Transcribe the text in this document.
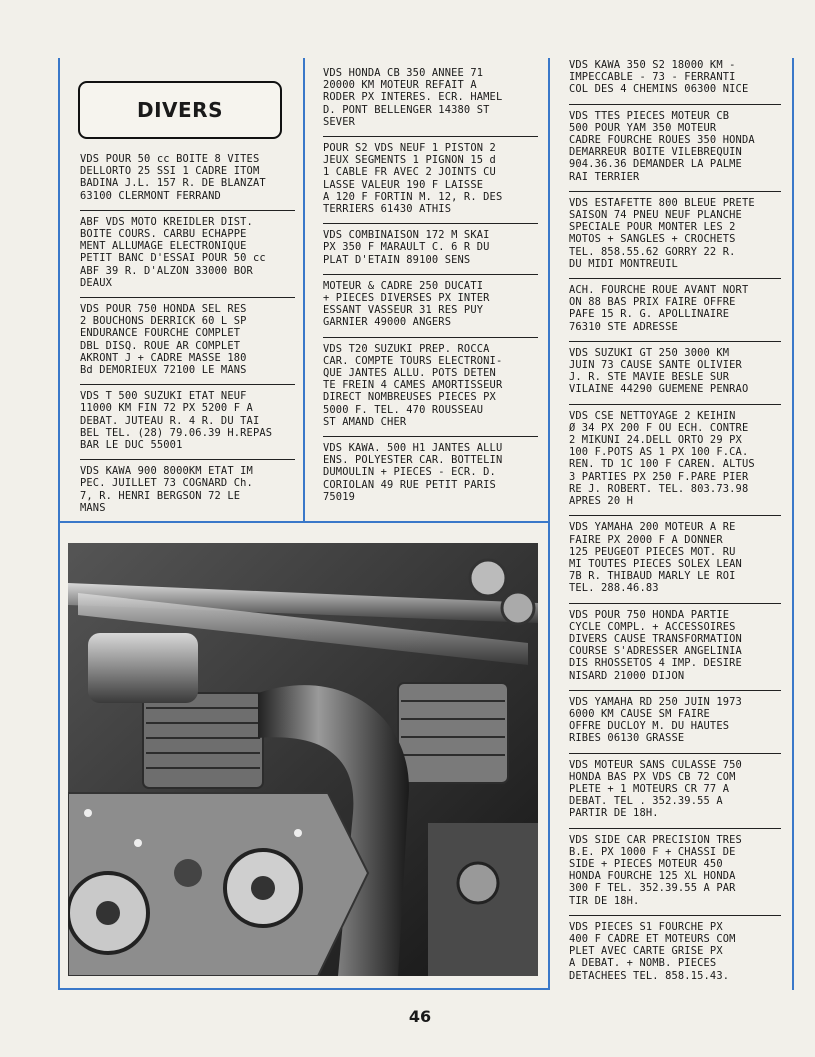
DIVERS

VDS POUR 50 cc BOITE 8 VITES
DELLORTO 25 SSI 1 CADRE ITOM
BADINA J.L. 157 R. DE BLANZAT
63100 CLERMONT FERRAND

ABF VDS MOTO KREIDLER DIST.
BOITE COURS. CARBU ECHAPPE
MENT ALLUMAGE ELECTRONIQUE
PETIT BANC D'ESSAI POUR 50 cc
ABF 39 R. D'ALZON 33000 BOR
DEAUX

VDS POUR 750 HONDA SEL RES
2 BOUCHONS DERRICK 60 L SP
ENDURANCE FOURCHE COMPLET
DBL DISQ. ROUE AR COMPLET
AKRONT J + CADRE MASSE 180
Bd DEMORIEUX 72100 LE MANS

VDS T 500 SUZUKI ETAT NEUF
11000 KM FIN 72 PX 5200 F A
DEBAT. JUTEAU R. 4 R. DU TAI
BEL TEL. (28) 79.06.39 H.REPAS
BAR LE DUC 55001

VDS KAWA 900 8000KM ETAT IM
PEC. JUILLET 73 COGNARD Ch.
7, R. HENRI BERGSON 72 LE
MANS

VDS HONDA CB 350 ANNEE 71
20000 KM MOTEUR REFAIT A
RODER PX INTERES. ECR. HAMEL
D. PONT BELLENGER 14380 ST
SEVER

POUR S2 VDS NEUF 1 PISTON 2
JEUX SEGMENTS 1 PIGNON 15 d
1 CABLE FR AVEC 2 JOINTS CU
LASSE VALEUR 190 F LAISSE
A 120 F FORTIN M. 12, R. DES
TERRIERS 61430 ATHIS

VDS COMBINAISON 172 M SKAI
PX 350 F MARAULT C. 6 R DU
PLAT D'ETAIN 89100 SENS

MOTEUR & CADRE 250 DUCATI
+ PIECES DIVERSES PX INTER
ESSANT VASSEUR 31 RES PUY
GARNIER 49000 ANGERS

VDS T20 SUZUKI PREP. ROCCA
CAR. COMPTE TOURS ELECTRONI-
QUE JANTES ALLU. POTS DETEN
TE FREIN 4 CAMES AMORTISSEUR
DIRECT NOMBREUSES PIECES PX
5000 F. TEL. 470 ROUSSEAU
ST AMAND CHER

VDS KAWA. 500 H1 JANTES ALLU
ENS. POLYESTER CAR. BOTTELIN
DUMOULIN + PIECES - ECR. D.
CORIOLAN 49 RUE PETIT PARIS
75019

VDS KAWA 350 S2 18000 KM -
IMPECCABLE - 73 - FERRANTI
COL DES 4 CHEMINS 06300 NICE

VDS TTES PIECES MOTEUR CB
500 POUR YAM 350 MOTEUR
CADRE FOURCHE ROUES 350 HONDA
DEMARREUR BOITE VILEBREQUIN
904.36.36 DEMANDER LA PALME
RAI TERRIER

VDS ESTAFETTE 800 BLEUE PRETE
SAISON 74 PNEU NEUF PLANCHE
SPECIALE POUR MONTER LES 2
MOTOS + SANGLES + CROCHETS
TEL. 858.55.62 GORRY 22 R.
DU MIDI MONTREUIL

ACH. FOURCHE ROUE AVANT NORT
ON 88 BAS PRIX FAIRE OFFRE
PAFE 15 R. G. APOLLINAIRE
76310 STE ADRESSE

VDS SUZUKI GT 250 3000 KM
JUIN 73 CAUSE SANTE OLIVIER
J. R. STE MAVIE BESLE SUR
VILAINE 44290 GUEMENE PENRAO

VDS CSE NETTOYAGE 2 KEIHIN
Ø 34 PX 200 F OU ECH. CONTRE
2 MIKUNI 24.DELL ORTO 29 PX
100 F.POTS AS 1 PX 100 F.CA.
REN. TD 1C 100 F CAREN. ALTUS
3 PARTIES PX 250 F.PARE PIER
RE J. ROBERT. TEL. 803.73.98
APRES 20 H

VDS YAMAHA 200 MOTEUR A RE
FAIRE PX 2000 F A DONNER
125 PEUGEOT PIECES MOT. RU
MI TOUTES PIECES SOLEX LEAN
7B R. THIBAUD MARLY LE ROI
TEL. 288.46.83

VDS POUR 750 HONDA PARTIE
CYCLE COMPL. + ACCESSOIRES
DIVERS CAUSE TRANSFORMATION
COURSE S'ADRESSER ANGELINIA
DIS RHOSSETOS 4 IMP. DESIRE
NISARD 21000 DIJON

VDS YAMAHA RD 250 JUIN 1973
6000 KM CAUSE SM FAIRE
OFFRE DUCLOY M. DU HAUTES
RIBES 06130 GRASSE

VDS MOTEUR SANS CULASSE 750
HONDA BAS PX VDS CB 72 COM
PLETE + 1 MOTEURS CR 77 A
DEBAT. TEL . 352.39.55 A
PARTIR DE 18H.

VDS SIDE CAR PRECISION TRES
B.E. PX 1000 F + CHASSI DE
SIDE + PIECES MOTEUR 450
HONDA FOURCHE 125 XL HONDA
300 F TEL. 352.39.55 A PAR
TIR DE 18H.

VDS PIECES S1 FOURCHE PX
400 F CADRE ET MOTEURS COM
PLET AVEC CARTE GRISE PX
A DEBAT. + NOMB. PIECES
DETACHEES TEL. 858.15.43.

46
